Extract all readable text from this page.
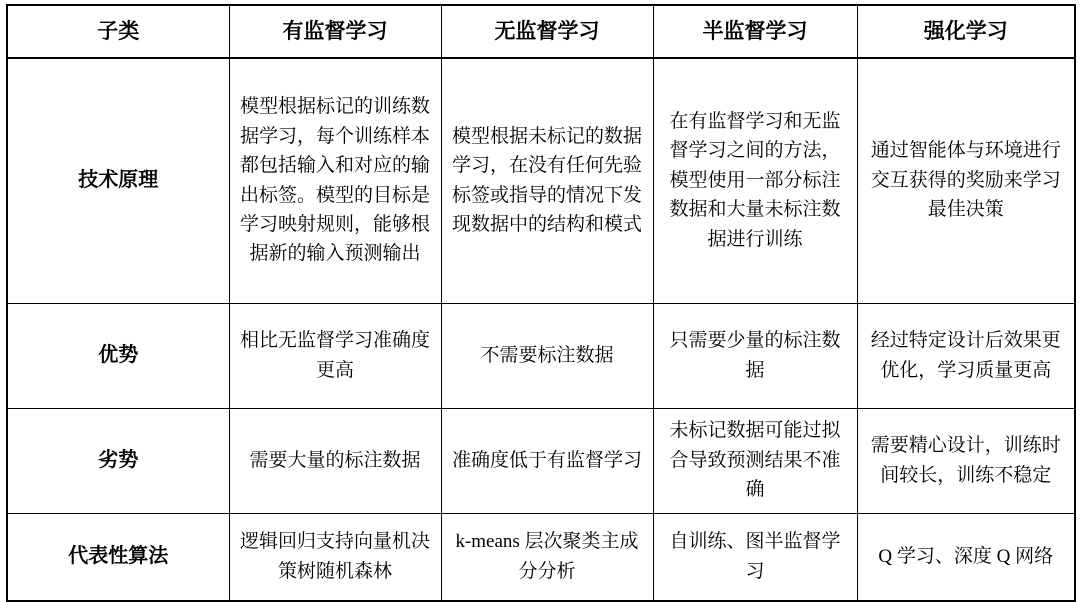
子类	有监督学习	无监督学习	半监督学习	强化学习
技术原理	模型根据标记的训练数据学习，每个训练样本都包括输入和对应的输出标签。模型的目标是学习映射规则，能够根据新的输入预测输出	模型根据未标记的数据学习，在没有任何先验标签或指导的情况下发现数据中的结构和模式	在有监督学习和无监督学习之间的方法，模型使用一部分标注数据和大量未标注数据进行训练	通过智能体与环境进行交互获得的奖励来学习最佳决策

优势	相比无监督学习准确度更高	不需要标注数据	只需要少量的标注数据	经过特定设计后效果更优化，学习质量更高

劣势	需要大量的标注数据	准确度低于有监督学习	未标记数据可能过拟合导致预测结果不准确	需要精心设计，训练时间较长，训练不稳定

代表性算法	逻辑回归支持向量机决策树随机森林	k-means 层次聚类主成分分析	自训练、图半监督学习	Q 学习、深度 Q 网络
